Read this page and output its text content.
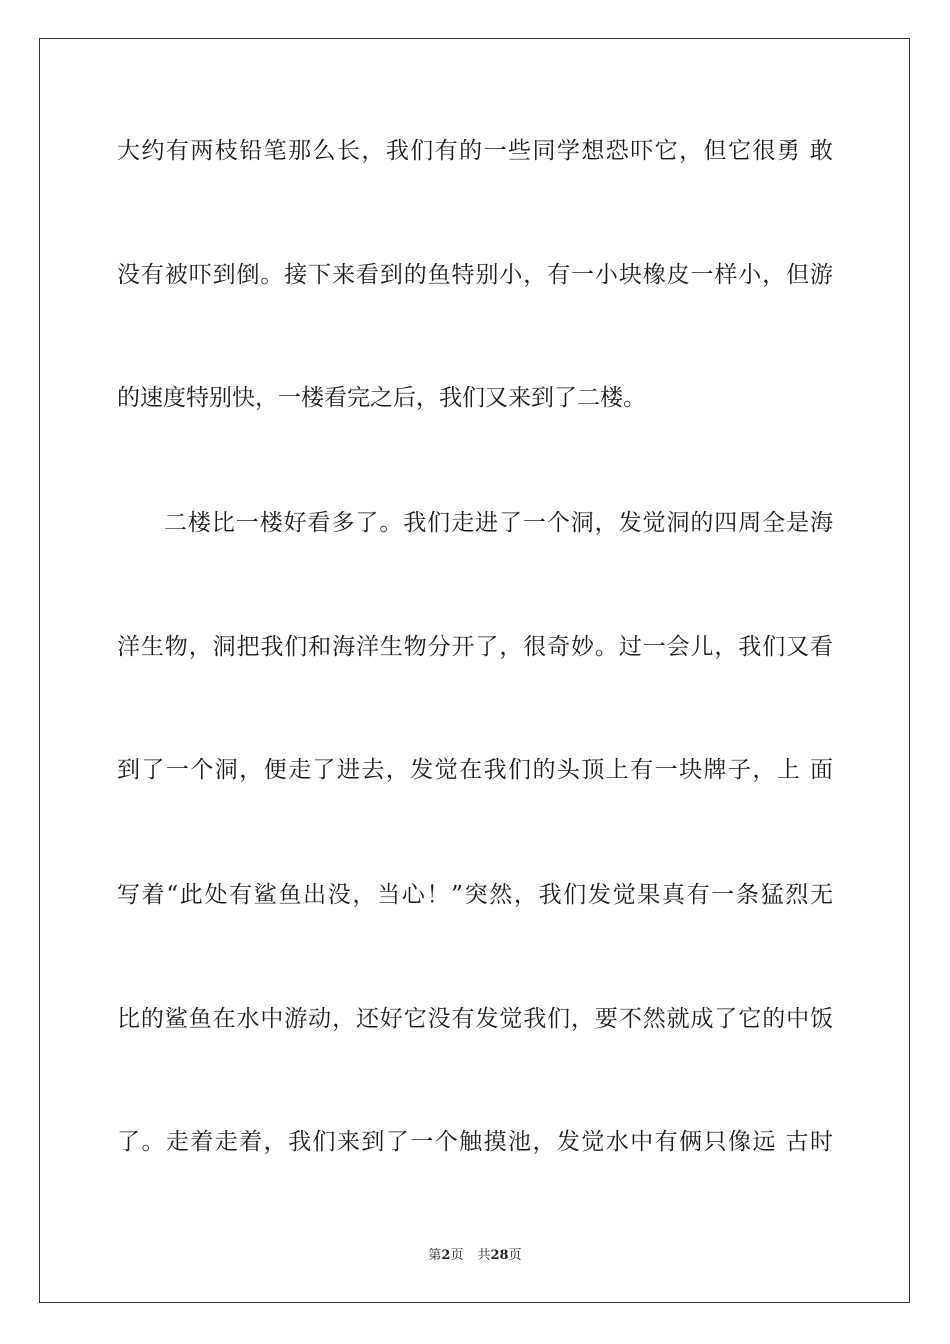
大约有两枝铅笔那么长，我们有的一些同学想恐吓它，但它很勇 敢
没有被吓到倒。接下来看到的鱼特别小，有一小块橡皮一样小，但游
的速度特别快，一楼看完之后，我们又来到了二楼。
二楼比一楼好看多了。我们走进了一个洞，发觉洞的四周全是海
洋生物，洞把我们和海洋生物分开了，很奇妙。过一会儿，我们又看
到了一个洞，便走了进去，发觉在我们的头顶上有一块牌子，上 面
写着“此处有鲨鱼出没，当心！”突然，我们发觉果真有一条猛烈无
比的鲨鱼在水中游动，还好它没有发觉我们，要不然就成了它的中饭
了。走着走着，我们来到了一个触摸池，发觉水中有俩只像远 古时
第2页 共28页
